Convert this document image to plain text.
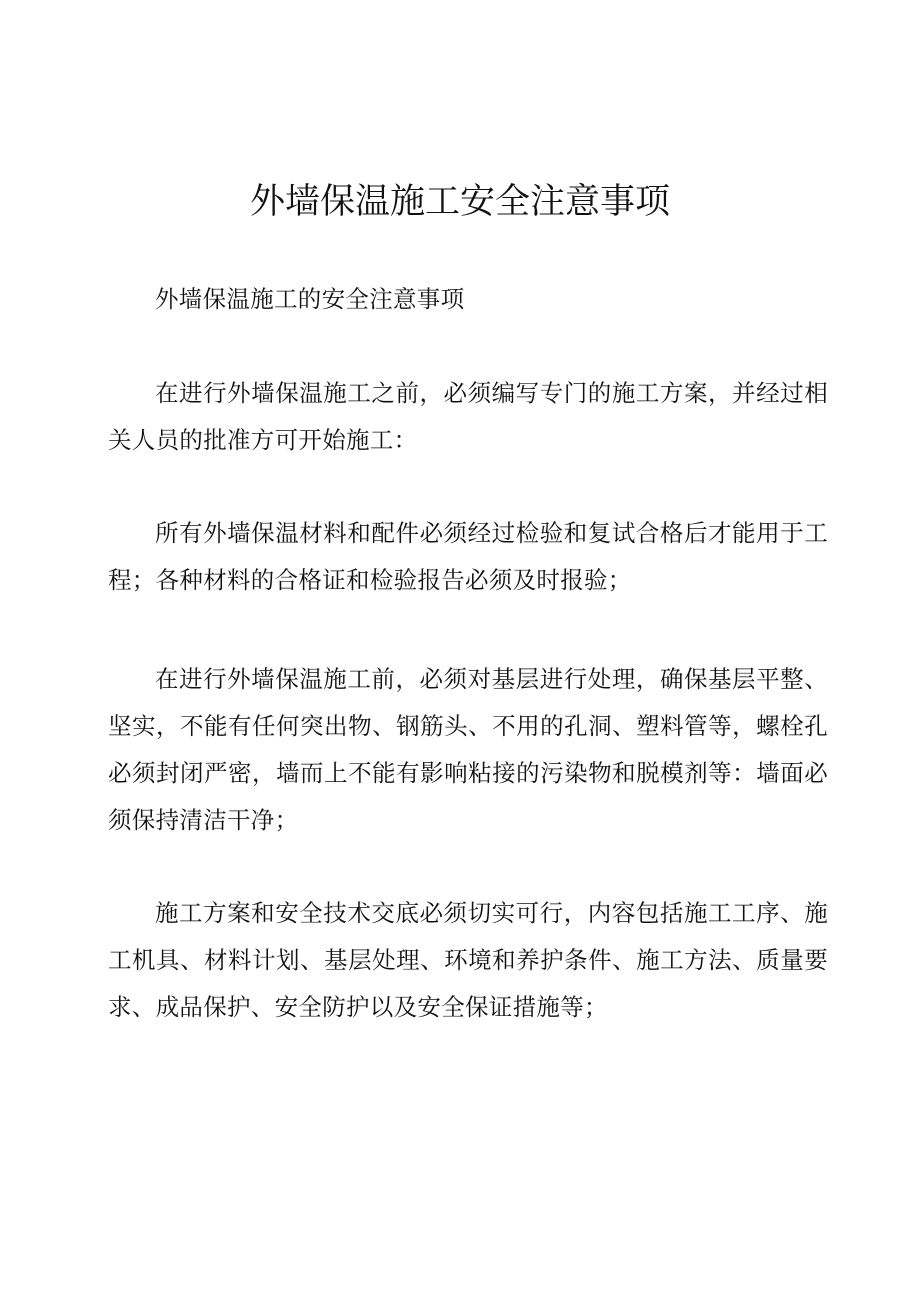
外墙保温施工安全注意事项

外墙保温施工的安全注意事项

在进行外墙保温施工之前，必须编写专门的施工方案，并经过相关人员的批准方可开始施工：

所有外墙保温材料和配件必须经过检验和复试合格后才能用于工程；各种材料的合格证和检验报告必须及时报验；

在进行外墙保温施工前，必须对基层进行处理，确保基层平整、坚实，不能有任何突出物、钢筋头、不用的孔洞、塑料管等，螺栓孔必须封闭严密，墙而上不能有影响粘接的污染物和脱模剂等：墙面必须保持清洁干净；

施工方案和安全技术交底必须切实可行，内容包括施工工序、施工机具、材料计划、基层处理、环境和养护条件、施工方法、质量要求、成品保护、安全防护以及安全保证措施等；
